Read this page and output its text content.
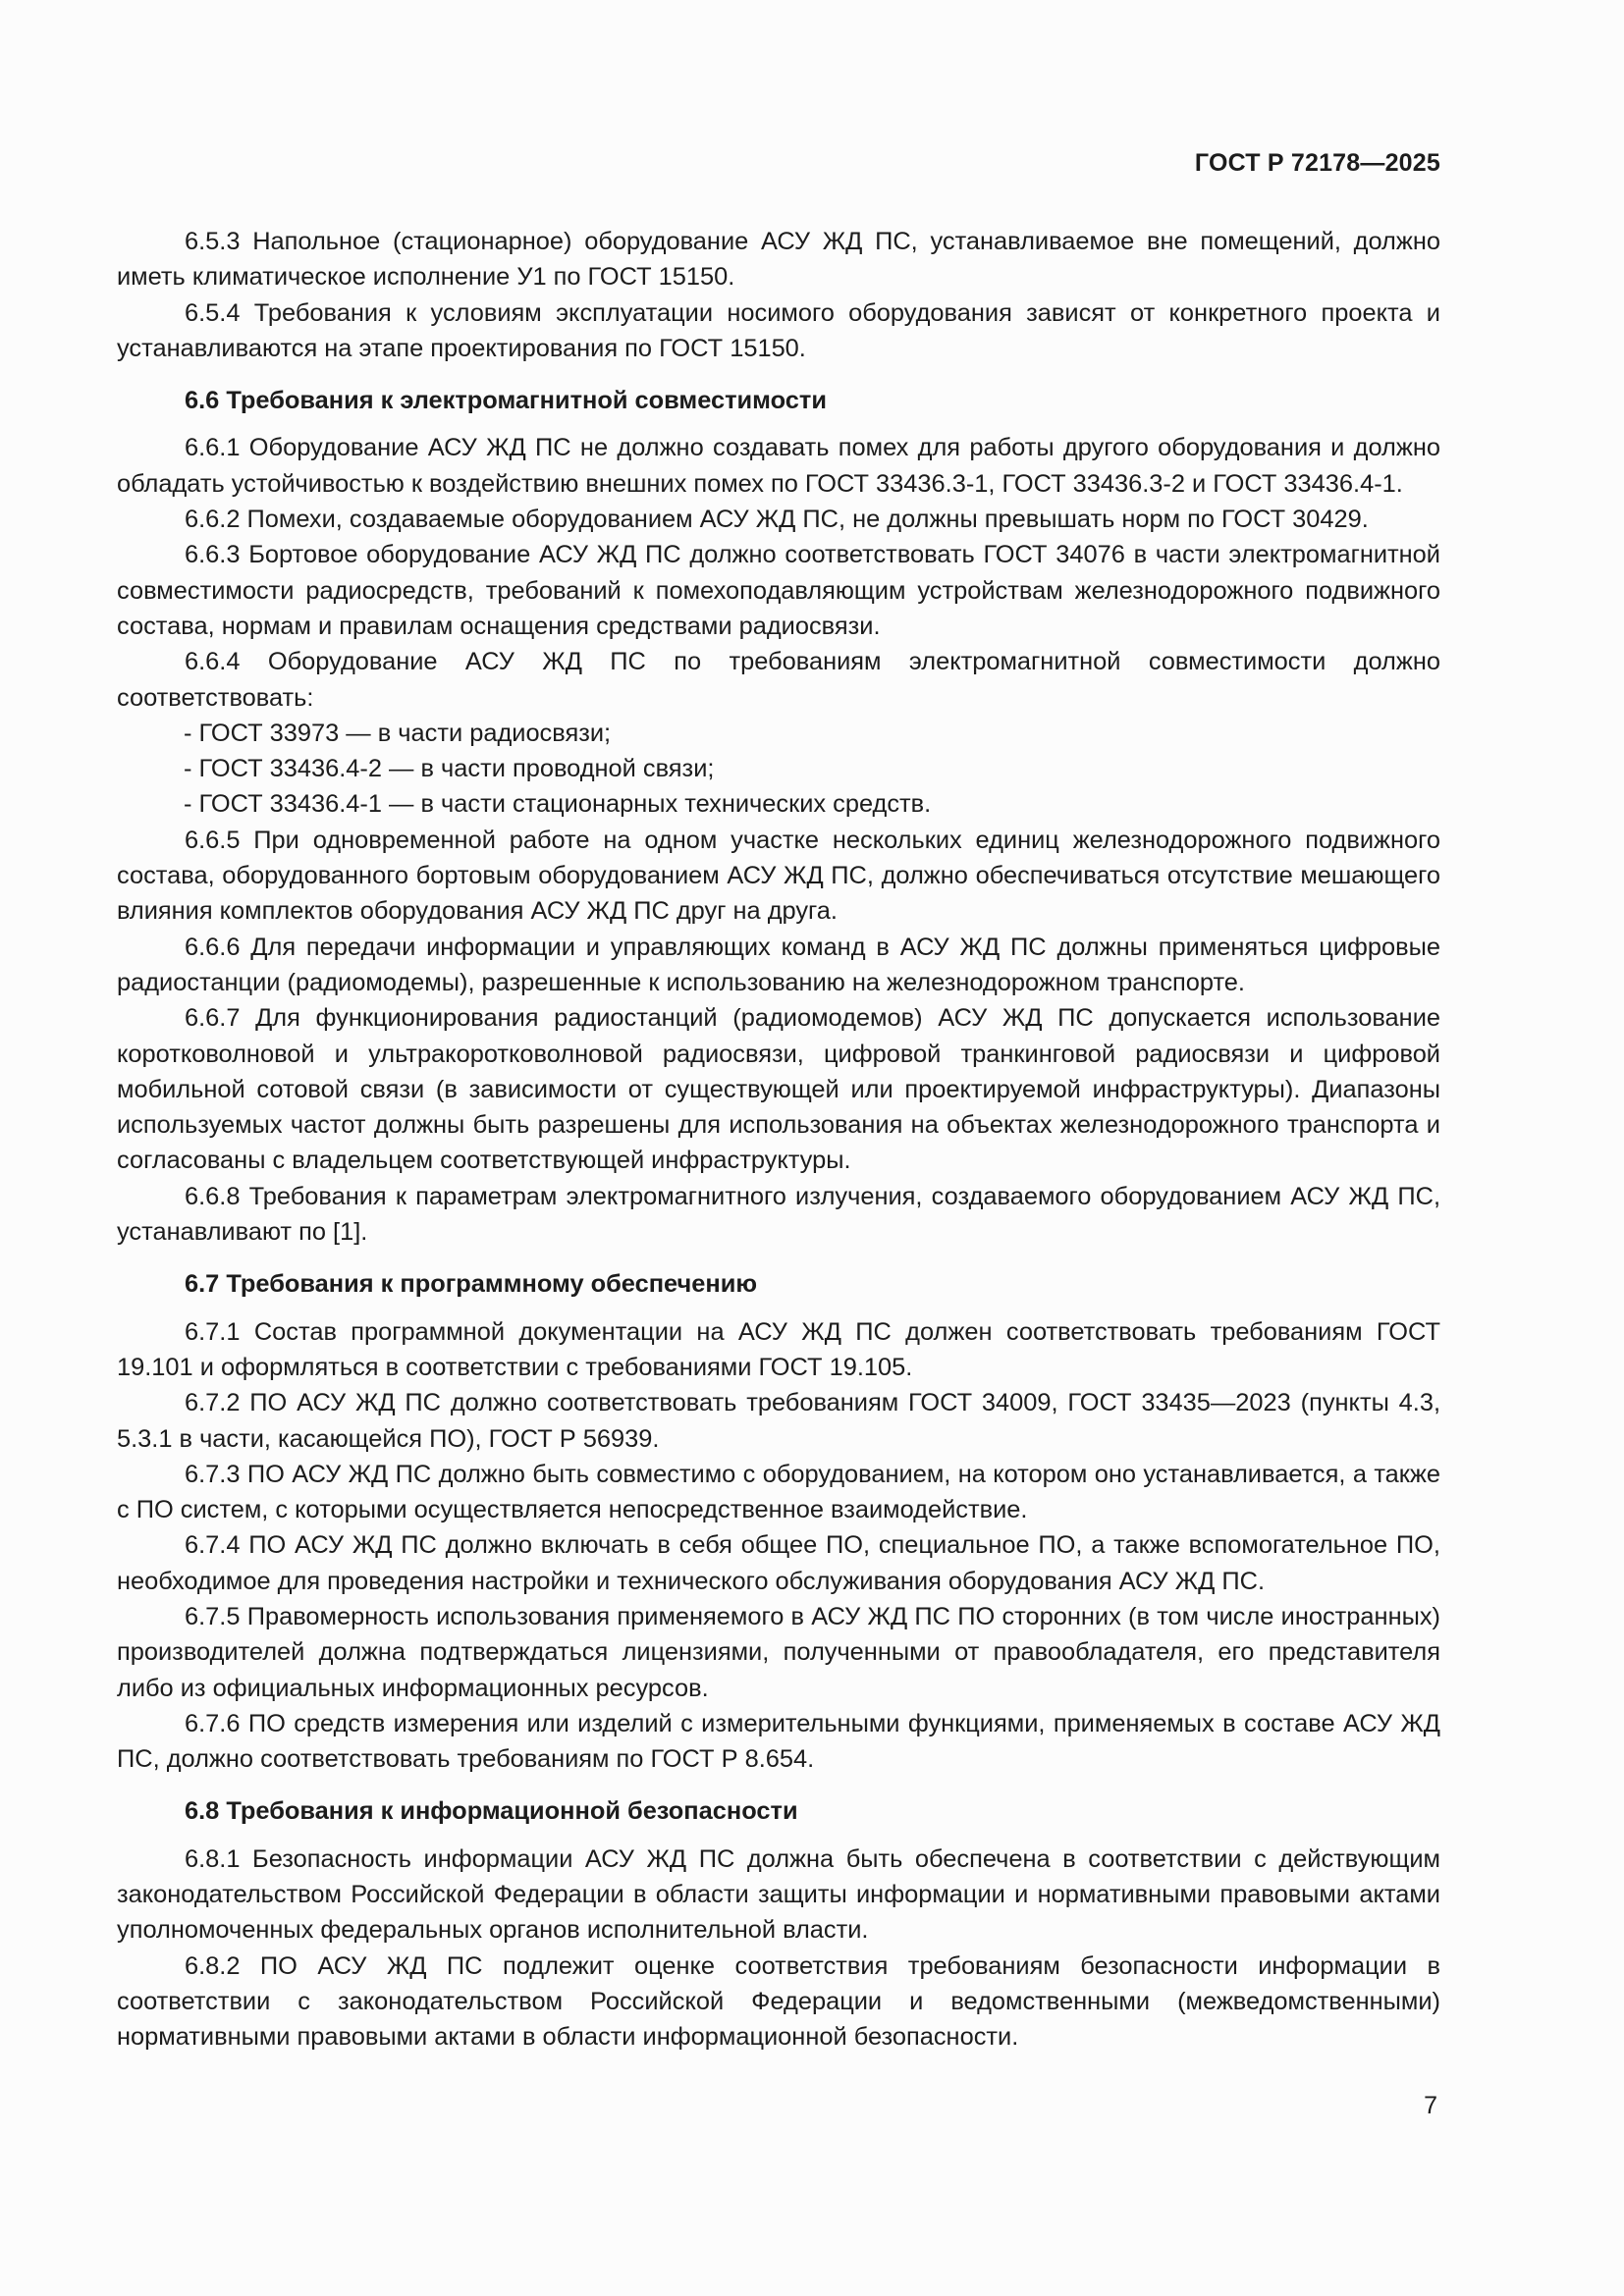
ГОСТ Р 72178—2025

6.5.3 Напольное (стационарное) оборудование АСУ ЖД ПС, устанавливаемое вне помещений, должно иметь климатическое исполнение У1 по ГОСТ 15150.

6.5.4 Требования к условиям эксплуатации носимого оборудования зависят от конкретного проекта и устанавливаются на этапе проектирования по ГОСТ 15150.

6.6 Требования к электромагнитной совместимости

6.6.1 Оборудование АСУ ЖД ПС не должно создавать помех для работы другого оборудования и должно обладать устойчивостью к воздействию внешних помех по ГОСТ 33436.3-1, ГОСТ 33436.3-2 и ГОСТ 33436.4-1.

6.6.2 Помехи, создаваемые оборудованием АСУ ЖД ПС, не должны превышать норм по ГОСТ 30429.

6.6.3 Бортовое оборудование АСУ ЖД ПС должно соответствовать ГОСТ 34076 в части электромагнитной совместимости радиосредств, требований к помехоподавляющим устройствам железнодорожного подвижного состава, нормам и правилам оснащения средствами радиосвязи.

6.6.4 Оборудование АСУ ЖД ПС по требованиям электромагнитной совместимости должно соответствовать:

- ГОСТ 33973 — в части радиосвязи;

- ГОСТ 33436.4-2 — в части проводной связи;

- ГОСТ 33436.4-1 — в части стационарных технических средств.

6.6.5 При одновременной работе на одном участке нескольких единиц железнодорожного подвижного состава, оборудованного бортовым оборудованием АСУ ЖД ПС, должно обеспечиваться отсутствие мешающего влияния комплектов оборудования АСУ ЖД ПС друг на друга.

6.6.6 Для передачи информации и управляющих команд в АСУ ЖД ПС должны применяться цифровые радиостанции (радиомодемы), разрешенные к использованию на железнодорожном транспорте.

6.6.7 Для функционирования радиостанций (радиомодемов) АСУ ЖД ПС допускается использование коротковолновой и ультракоротковолновой радиосвязи, цифровой транкинговой радиосвязи и цифровой мобильной сотовой связи (в зависимости от существующей или проектируемой инфраструктуры). Диапазоны используемых частот должны быть разрешены для использования на объектах железнодорожного транспорта и согласованы с владельцем соответствующей инфраструктуры.

6.6.8 Требования к параметрам электромагнитного излучения, создаваемого оборудованием АСУ ЖД ПС, устанавливают по [1].

6.7 Требования к программному обеспечению

6.7.1 Состав программной документации на АСУ ЖД ПС должен соответствовать требованиям ГОСТ 19.101 и оформляться в соответствии с требованиями ГОСТ 19.105.

6.7.2 ПО АСУ ЖД ПС должно соответствовать требованиям ГОСТ 34009, ГОСТ 33435—2023 (пункты 4.3, 5.3.1 в части, касающейся ПО), ГОСТ Р 56939.

6.7.3 ПО АСУ ЖД ПС должно быть совместимо с оборудованием, на котором оно устанавливается, а также с ПО систем, с которыми осуществляется непосредственное взаимодействие.

6.7.4 ПО АСУ ЖД ПС должно включать в себя общее ПО, специальное ПО, а также вспомогательное ПО, необходимое для проведения настройки и технического обслуживания оборудования АСУ ЖД ПС.

6.7.5 Правомерность использования применяемого в АСУ ЖД ПС ПО сторонних (в том числе иностранных) производителей должна подтверждаться лицензиями, полученными от правообладателя, его представителя либо из официальных информационных ресурсов.

6.7.6 ПО средств измерения или изделий с измерительными функциями, применяемых в составе АСУ ЖД ПС, должно соответствовать требованиям по ГОСТ Р 8.654.

6.8 Требования к информационной безопасности

6.8.1 Безопасность информации АСУ ЖД ПС должна быть обеспечена в соответствии с действующим законодательством Российской Федерации в области защиты информации и нормативными правовыми актами уполномоченных федеральных органов исполнительной власти.

6.8.2 ПО АСУ ЖД ПС подлежит оценке соответствия требованиям безопасности информации в соответствии с законодательством Российской Федерации и ведомственными (межведомственными) нормативными правовыми актами в области информационной безопасности.

7
